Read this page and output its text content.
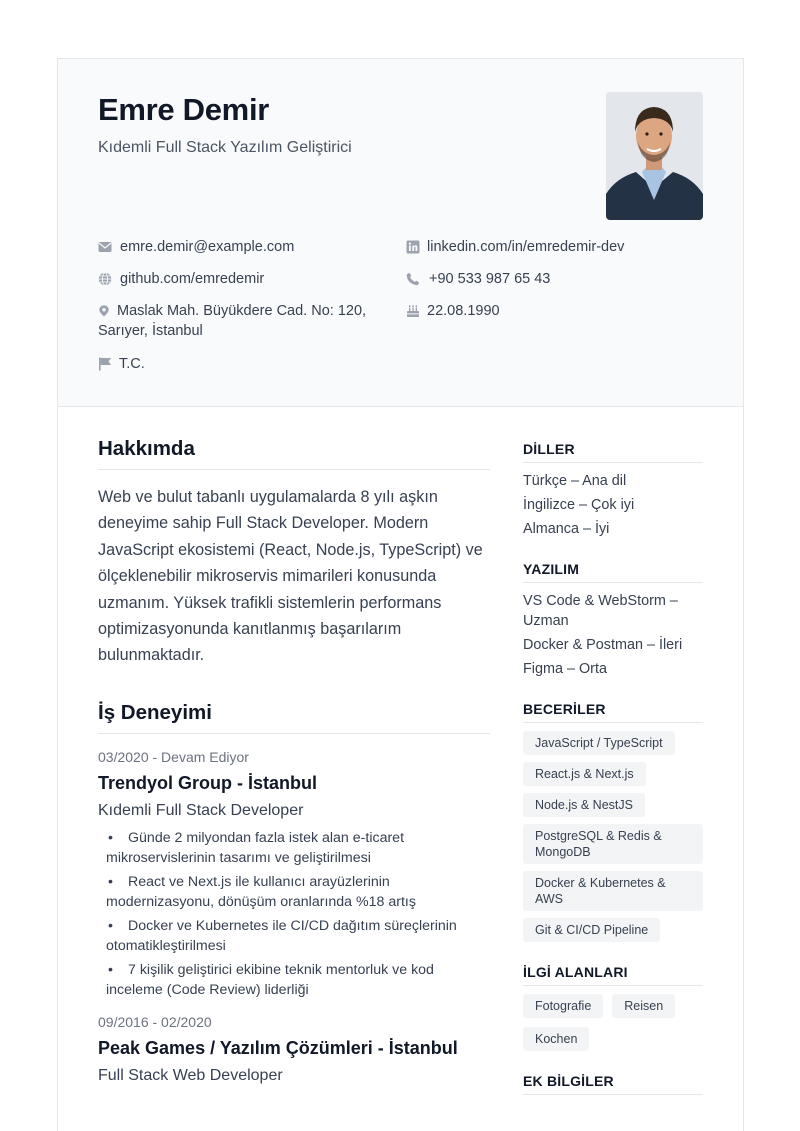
Emre Demir
Kıdemli Full Stack Yazılım Geliştirici
emre.demir@example.com
github.com/emredemir
Maslak Mah. Büyükdere Cad. No: 120, Sarıyer, İstanbul
T.C.
linkedin.com/in/emredemir-dev
+90 533 987 65 43
22.08.1990
Hakkımda

Web ve bulut tabanlı uygulamalarda 8 yılı aşkın deneyime sahip Full Stack Developer. Modern JavaScript ekosistemi (React, Node.js, TypeScript) ve ölçeklenebilir mikroservis mimarileri konusunda uzmanım. Yüksek trafikli sistemlerin performans optimizasyonunda kanıtlanmış başarılarım bulunmaktadır.

İş Deneyimi
03/2020 - Devam Ediyor
Trendyol Group - İstanbul
Kıdemli Full Stack Developer
• Günde 2 milyondan fazla istek alan e-ticaret mikroservislerinin tasarımı ve geliştirilmesi
• React ve Next.js ile kullanıcı arayüzlerinin modernizasyonu, dönüşüm oranlarında %18 artış
• Docker ve Kubernetes ile CI/CD dağıtım süreçlerinin otomatikleştirilmesi
• 7 kişilik geliştirici ekibine teknik mentorluk ve kod inceleme (Code Review) liderliği
09/2016 - 02/2020
Peak Games / Yazılım Çözümleri - İstanbul
Full Stack Web Developer
DİLLER
Türkçe – Ana dil
İngilizce – Çok iyi
Almanca – İyi
YAZILIM
VS Code & WebStorm – Uzman
Docker & Postman – İleri
Figma – Orta
BECERİLER
JavaScript / TypeScript
React.js & Next.js
Node.js & NestJS
PostgreSQL & Redis & MongoDB
Docker & Kubernetes & AWS
Git & CI/CD Pipeline
İLGİ ALANLARI
Fotografie	Reisen
Kochen
EK BİLGİLER
